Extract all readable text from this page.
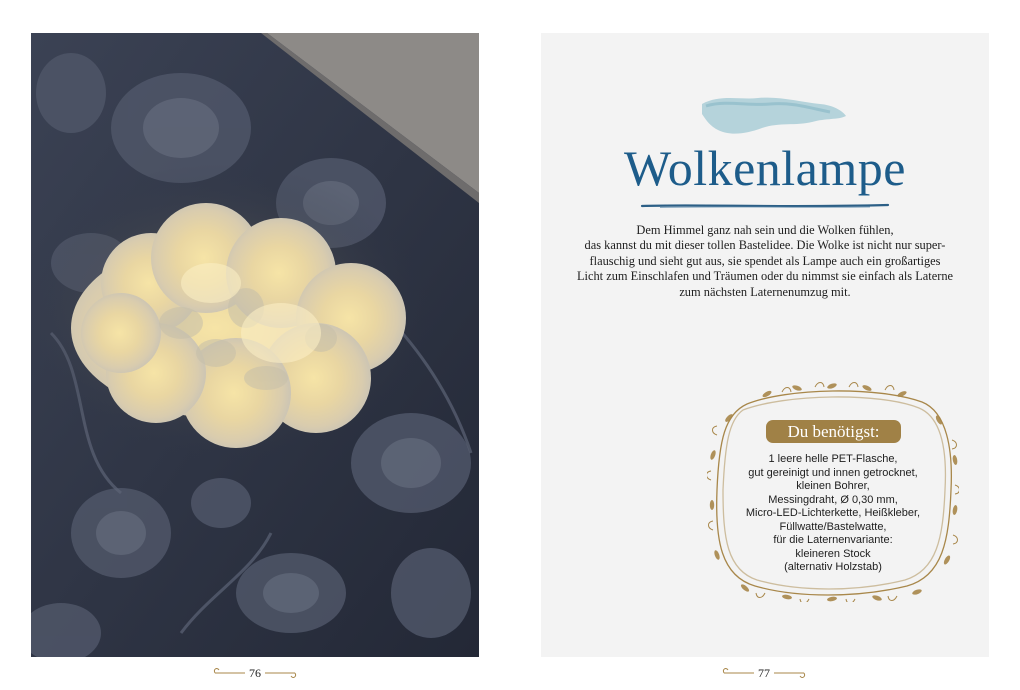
Wolkenlampe

Dem Himmel ganz nah sein und die Wolken fühlen,
das kannst du mit dieser tollen Bastelidee. Die Wolke ist nicht nur super-
flauschig und sieht gut aus, sie spendet als Lampe auch ein großartiges
Licht zum Einschlafen und Träumen oder du nimmst sie einfach als Laterne
zum nächsten Laternenumzug mit.

Du benötigst:
1 leere helle PET-Flasche,
gut gereinigt und innen getrocknet,
kleinen Bohrer,
Messingdraht, Ø 0,30 mm,
Micro-LED-Lichterkette, Heißkleber,
Füllwatte/Bastelwatte,
für die Laternenvariante:
kleineren Stock
(alternativ Holzstab)
76	77
